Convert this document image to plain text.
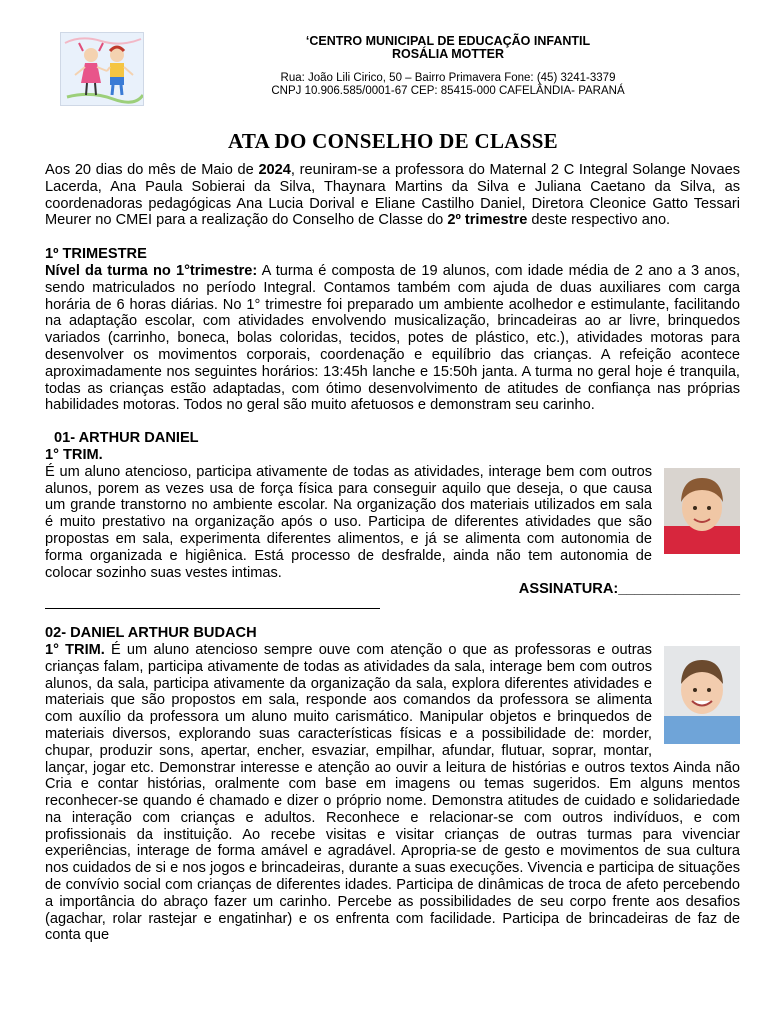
‘CENTRO MUNICIPAL DE EDUCAÇÃO INFANTIL
ROSÁLIA MOTTER
Rua: João Lili Cirico, 50 – Bairro Primavera Fone: (45) 3241-3379
CNPJ 10.906.585/0001-67 CEP: 85415-000 CAFELÂNDIA- PARANÁ
ATA DO CONSELHO DE CLASSE

Aos 20 dias do mês de Maio de 2024, reuniram-se a professora do Maternal 2 C Integral Solange Novaes Lacerda, Ana Paula Sobierai da Silva, Thaynara Martins da Silva e Juliana Caetano da Silva, as coordenadoras pedagógicas Ana Lucia Dorival e Eliane Castilho Daniel, Diretora Cleonice Gatto Tessari Meurer no CMEI para a realização do Conselho de Classe do 2º trimestre deste respectivo ano.

1º TRIMESTRE

Nível da turma no 1°trimestre: A turma é composta de 19 alunos, com idade média de 2 ano a 3 anos, sendo matriculados no período Integral. Contamos também com ajuda de duas auxiliares com carga horária de 6 horas diárias. No 1° trimestre foi preparado um ambiente acolhedor e estimulante, facilitando na adaptação escolar, com atividades envolvendo musicalização, brincadeiras ao ar livre, brinquedos variados (carrinho, boneca, bolas coloridas, tecidos, potes de plástico, etc.), atividades motoras para desenvolver os movimentos corporais, coordenação e equilíbrio das crianças. A refeição acontece aproximadamente nos seguintes horários: 13:45h lanche e 15:50h janta. A turma no geral hoje é tranquila, todas as crianças estão adaptadas, com ótimo desenvolvimento de atitudes de confiança nas próprias habilidades motoras. Todos no geral são muito afetuosos e demonstram seu carinho.

01- ARTHUR DANIEL

1° TRIM.

É um aluno atencioso, participa ativamente de todas as atividades, interage bem com outros alunos, porem as vezes usa de força física para conseguir aquilo que deseja, o que causa um grande transtorno no ambiente escolar. Na organização dos materiais utilizados em sala é muito prestativo na organização após o uso. Participa de diferentes atividades que são propostas em sala, experimenta diferentes alimentos, e já se alimenta com autonomia de forma organizada e higiênica. Está processo de desfralde, ainda não tem autonomia de colocar sozinho suas vestes intimas.

ASSINATURA:_______________

02- DANIEL ARTHUR BUDACH

1° TRIM. É um aluno atencioso sempre ouve com atenção o que as professoras e outras crianças falam, participa ativamente de todas as atividades da sala, interage bem com outros alunos, da sala, participa ativamente da organização da sala, explora diferentes atividades e materiais que são propostos em sala, responde aos comandos da professora se alimenta com auxílio da professora um aluno muito carismático. Manipular objetos e brinquedos de materiais diversos, explorando suas características físicas e a possibilidade de: morder, chupar, produzir sons, apertar, encher, esvaziar, empilhar, afundar, flutuar, soprar, montar, lançar, jogar etc. Demonstrar interesse e atenção ao ouvir a leitura de histórias e outros textos Ainda não Cria e contar histórias, oralmente com base em imagens ou temas sugeridos. Em alguns mentos reconhecer-se quando é chamado e dizer o próprio nome. Demonstra atitudes de cuidado e solidariedade na interação com crianças e adultos. Reconhece e relacionar-se com outros indivíduos, e com profissionais da instituição. Ao recebe visitas e visitar crianças de outras turmas para vivenciar experiências, interage de forma amável e agradável. Apropria-se de gesto e movimentos de sua cultura nos cuidados de si e nos jogos e brincadeiras, durante a suas execuções. Vivencia e participa de situações de convívio social com crianças de diferentes idades. Participa de dinâmicas de troca de afeto percebendo a importância do abraço fazer um carinho. Percebe as possibilidades de seu corpo frente aos desafios (agachar, rolar rastejar e engatinhar) e os enfrenta com facilidade. Participa de brincadeiras de faz de conta que
